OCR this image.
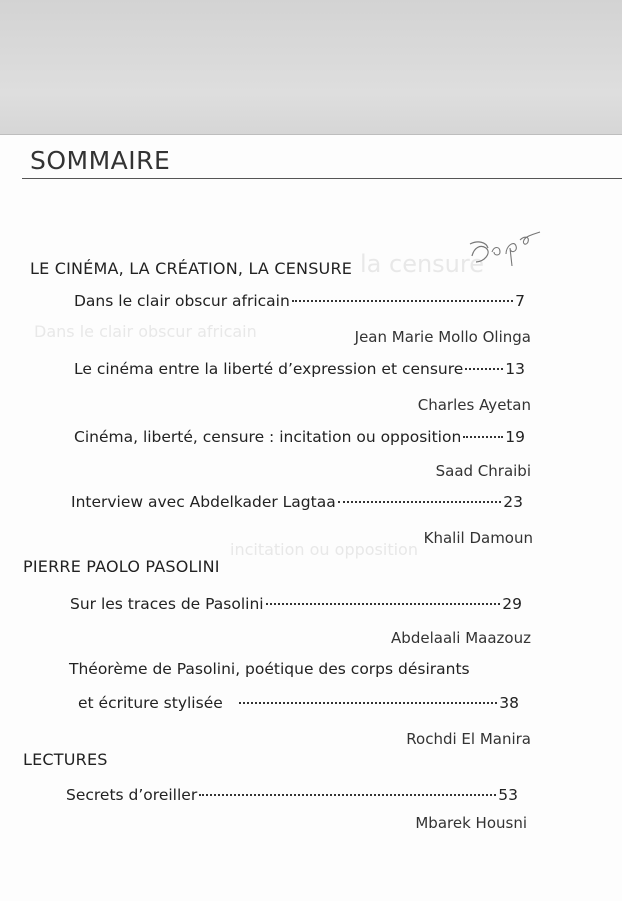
la censure
Dans le clair obscur africain
incitation ou opposition
SOMMAIRE
LE CINÉMA, LA CRÉATION, LA CENSURE
Dans le clair obscur africain	7
Jean Marie Mollo Olinga
Le cinéma entre la liberté d’expression et censure	13
Charles Ayetan
Cinéma, liberté, censure : incitation ou opposition	19
Saad Chraibi
Interview avec Abdelkader Lagtaa	23
Khalil Damoun
PIERRE PAOLO PASOLINI
Sur les traces de Pasolini	29
Abdelaali Maazouz
Théorème de Pasolini, poétique des corps désirants
et écriture stylisée	38
Rochdi El Manira
LECTURES
Secrets d’oreiller	53
Mbarek Housni
